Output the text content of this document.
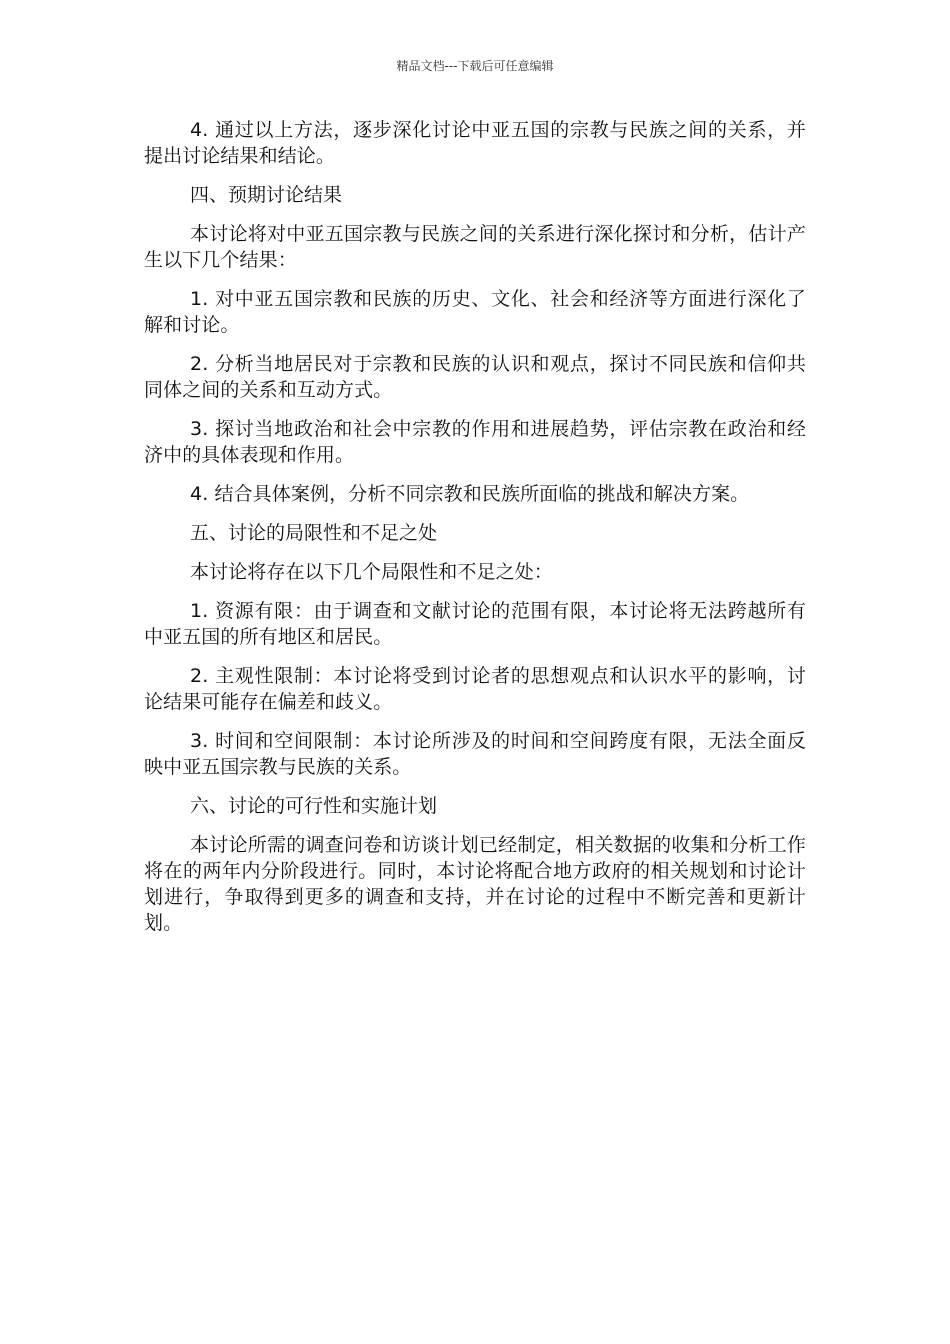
精品文档---下载后可任意编辑

4. 通过以上方法，逐步深化讨论中亚五国的宗教与民族之间的关系，并提出讨论结果和结论。

四、预期讨论结果

本讨论将对中亚五国宗教与民族之间的关系进行深化探讨和分析，估计产生以下几个结果：

1. 对中亚五国宗教和民族的历史、文化、社会和经济等方面进行深化了解和讨论。

2. 分析当地居民对于宗教和民族的认识和观点，探讨不同民族和信仰共同体之间的关系和互动方式。

3. 探讨当地政治和社会中宗教的作用和进展趋势，评估宗教在政治和经济中的具体表现和作用。

4. 结合具体案例，分析不同宗教和民族所面临的挑战和解决方案。

五、讨论的局限性和不足之处

本讨论将存在以下几个局限性和不足之处：

1. 资源有限：由于调查和文献讨论的范围有限，本讨论将无法跨越所有中亚五国的所有地区和居民。

2. 主观性限制：本讨论将受到讨论者的思想观点和认识水平的影响，讨论结果可能存在偏差和歧义。

3. 时间和空间限制：本讨论所涉及的时间和空间跨度有限，无法全面反映中亚五国宗教与民族的关系。

六、讨论的可行性和实施计划

本讨论所需的调查问卷和访谈计划已经制定，相关数据的收集和分析工作将在的两年内分阶段进行。同时，本讨论将配合地方政府的相关规划和讨论计划进行，争取得到更多的调查和支持，并在讨论的过程中不断完善和更新计划。
